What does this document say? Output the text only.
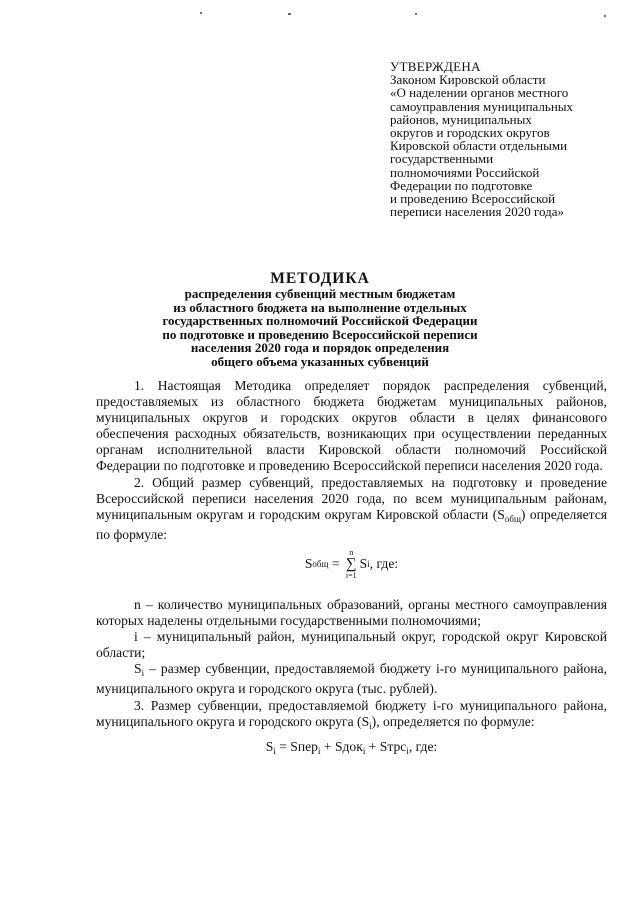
УТВЕРЖДЕНА
Законом Кировской области
«О наделении органов местного
самоуправления муниципальных
районов, муниципальных
округов и городских округов
Кировской области отдельными
государственными
полномочиями Российской
Федерации по подготовке
и проведению Всероссийской
переписи населения 2020 года»
МЕТОДИКА
распределения субвенций местным бюджетам
из областного бюджета на выполнение отдельных
государственных полномочий Российской Федерации
по подготовке и проведению Всероссийской переписи
населения 2020 года и порядок определения
общего объема указанных субвенций

1. Настоящая Методика определяет порядок распределения субвенций, предоставляемых из областного бюджета бюджетам муниципальных районов, муниципальных округов и городских округов области в целях финансового обеспечения расходных обязательств, возникающих при осуществлении переданных органам исполнительной власти Кировской области полномочий Российской Федерации по подготовке и проведению Всероссийской переписи населения 2020 года.

2. Общий размер субвенций, предоставляемых на подготовку и проведение Всероссийской переписи населения 2020 года, по всем муниципальным районам, муниципальным округам и городским округам Кировской области $(S_{общ})$ определяется по формуле:

S общ =
n
∑
i=1
S i , где:

n – количество муниципальных образований, органы местного самоуправления которых наделены отдельными государственными полномочиями;

i – муниципальный район, муниципальный округ, городской округ Кировской области;

$S_i$ – размер субвенции, предоставляемой бюджету i-го муниципального района, муниципального округа и городского округа (тыс. рублей).

3. Размер субвенции, предоставляемой бюджету i-го муниципального района, муниципального округа и городского округа $(S_i)$, определяется по формуле:

$S_i$ = Sпер$_i$ + Sдок$_i$ + Sтрс$_i$, где:
